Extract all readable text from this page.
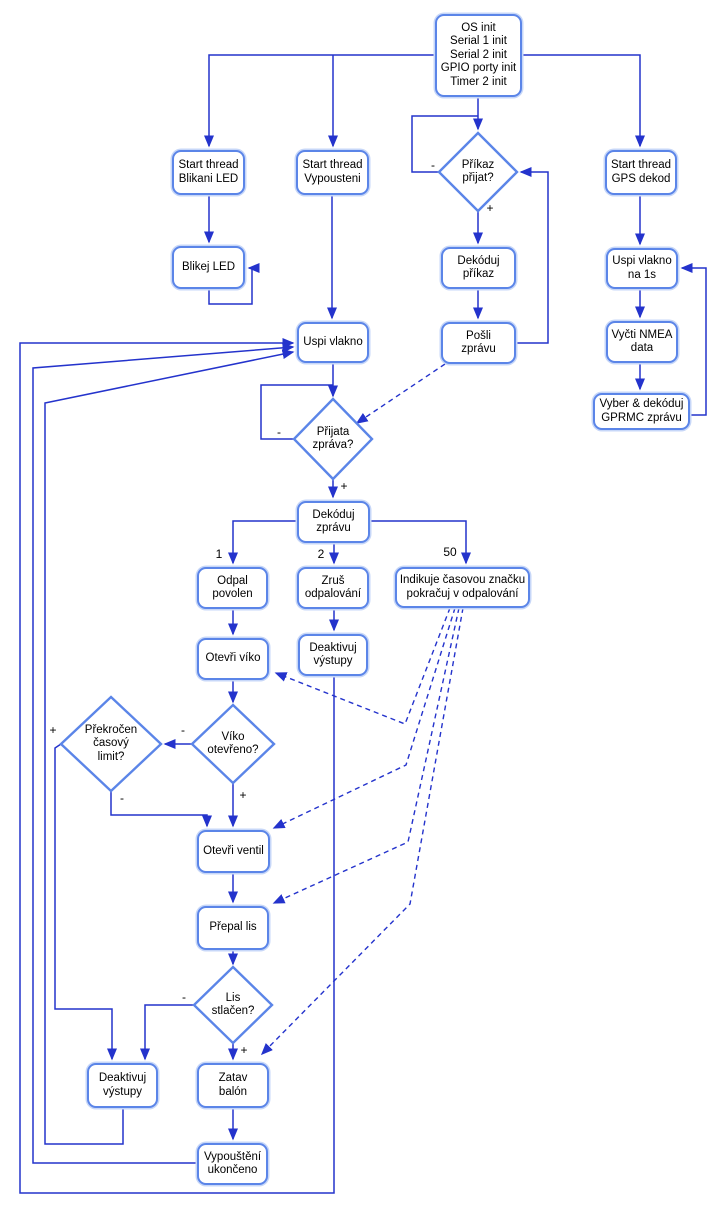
OS init
Serial 1 init
Serial 2 init
GPIO porty init
Timer 2 init
Start thread
Blikani LED
Start thread
Vypousteni
Start thread
GPS dekod
Blikej LED
Dekóduj
příkaz
Pošli
zprávu
Uspi vlakno
Uspi vlakno
na 1s
Vyčti NMEA
data
Vyber & dekóduj
GPRMC zprávu
Dekóduj
zprávu
Odpal
povolen
Zruš
odpalování
Indikuje časovou značku
pokračuj v odpalování
Otevři víko
Deaktivuj
výstupy
Otevři ventil
Přepal lis
Zatav
balón
Deaktivuj
výstupy
Vypouštění
ukončeno
Příkaz
přijat?
Přijata
zpráva?
Víko
otevřeno?
Překročen
časový
limit?
Lis
stlačen?
-
+
-
+
1	2	50
-
+
-	+
-
+
